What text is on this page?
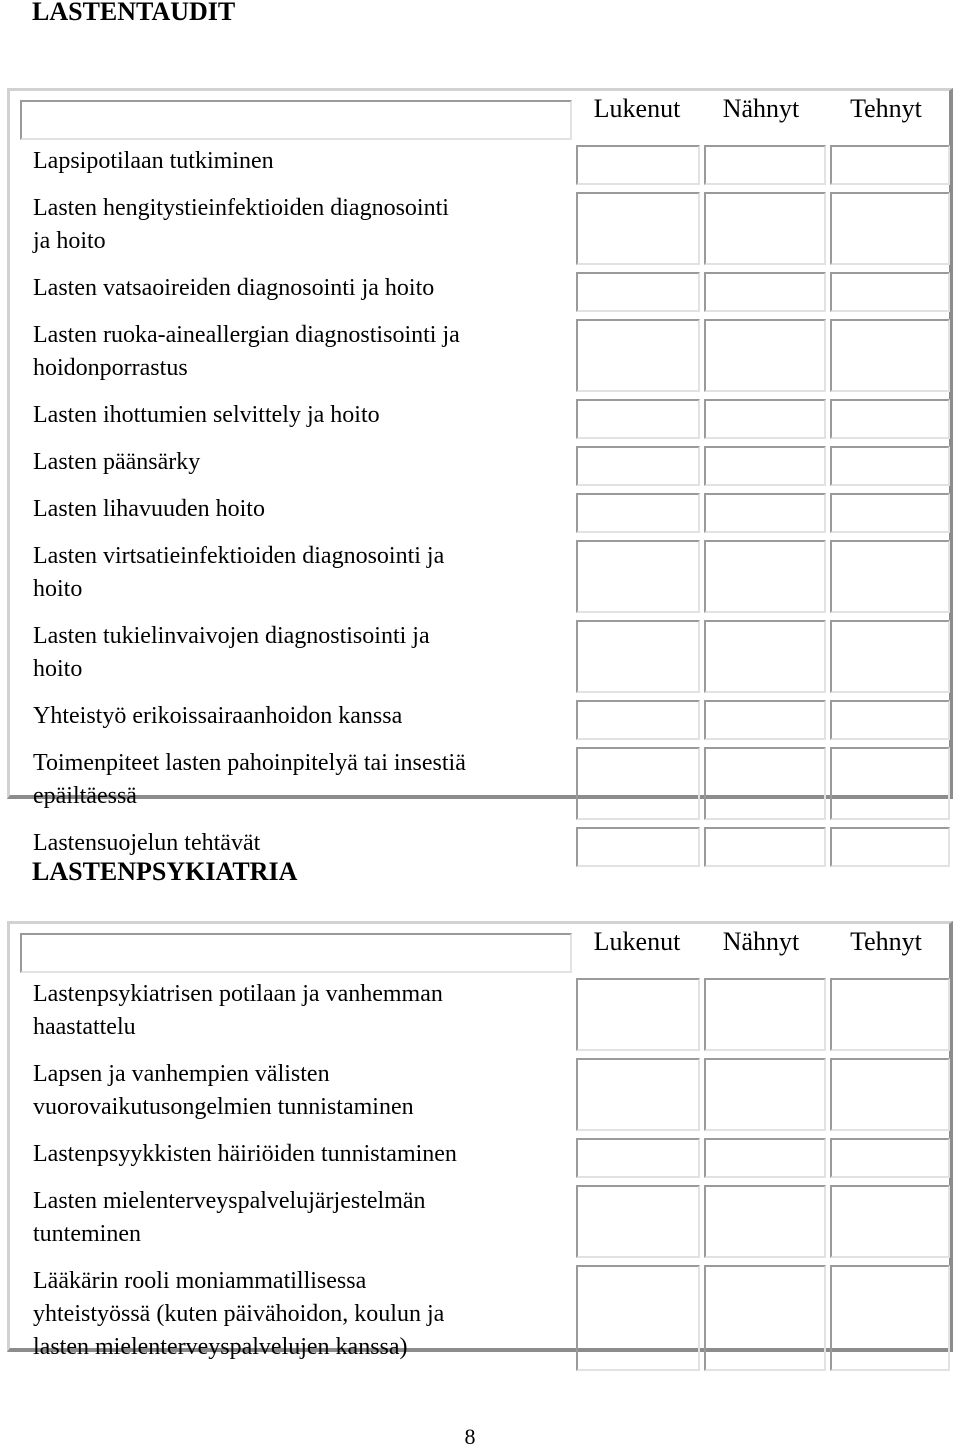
LASTENTAUDIT
Lukenut	Nähnyt	Tehnyt
Lapsipotilaan tutkiminen
Lasten hengitystieinfektioiden diagnosointi
ja hoito
Lasten vatsaoireiden diagnosointi ja hoito
Lasten ruoka-aineallergian diagnostisointi ja
hoidonporrastus
Lasten ihottumien selvittely ja hoito
Lasten päänsärky
Lasten lihavuuden hoito
Lasten virtsatieinfektioiden diagnosointi ja
hoito
Lasten tukielinvaivojen diagnostisointi ja
hoito
Yhteistyö erikoissairaanhoidon kanssa
Toimenpiteet lasten pahoinpitelyä tai insestiä
epäiltäessä
Lastensuojelun tehtävät
LASTENPSYKIATRIA
Lukenut	Nähnyt	Tehnyt
Lastenpsykiatrisen potilaan ja vanhemman
haastattelu
Lapsen ja vanhempien välisten
vuorovaikutusongelmien tunnistaminen
Lastenpsyykkisten häiriöiden tunnistaminen
Lasten mielenterveyspalvelujärjestelmän
tunteminen
Lääkärin rooli moniammatillisessa
yhteistyössä (kuten päivähoidon, koulun ja
lasten mielenterveyspalvelujen kanssa)
8
